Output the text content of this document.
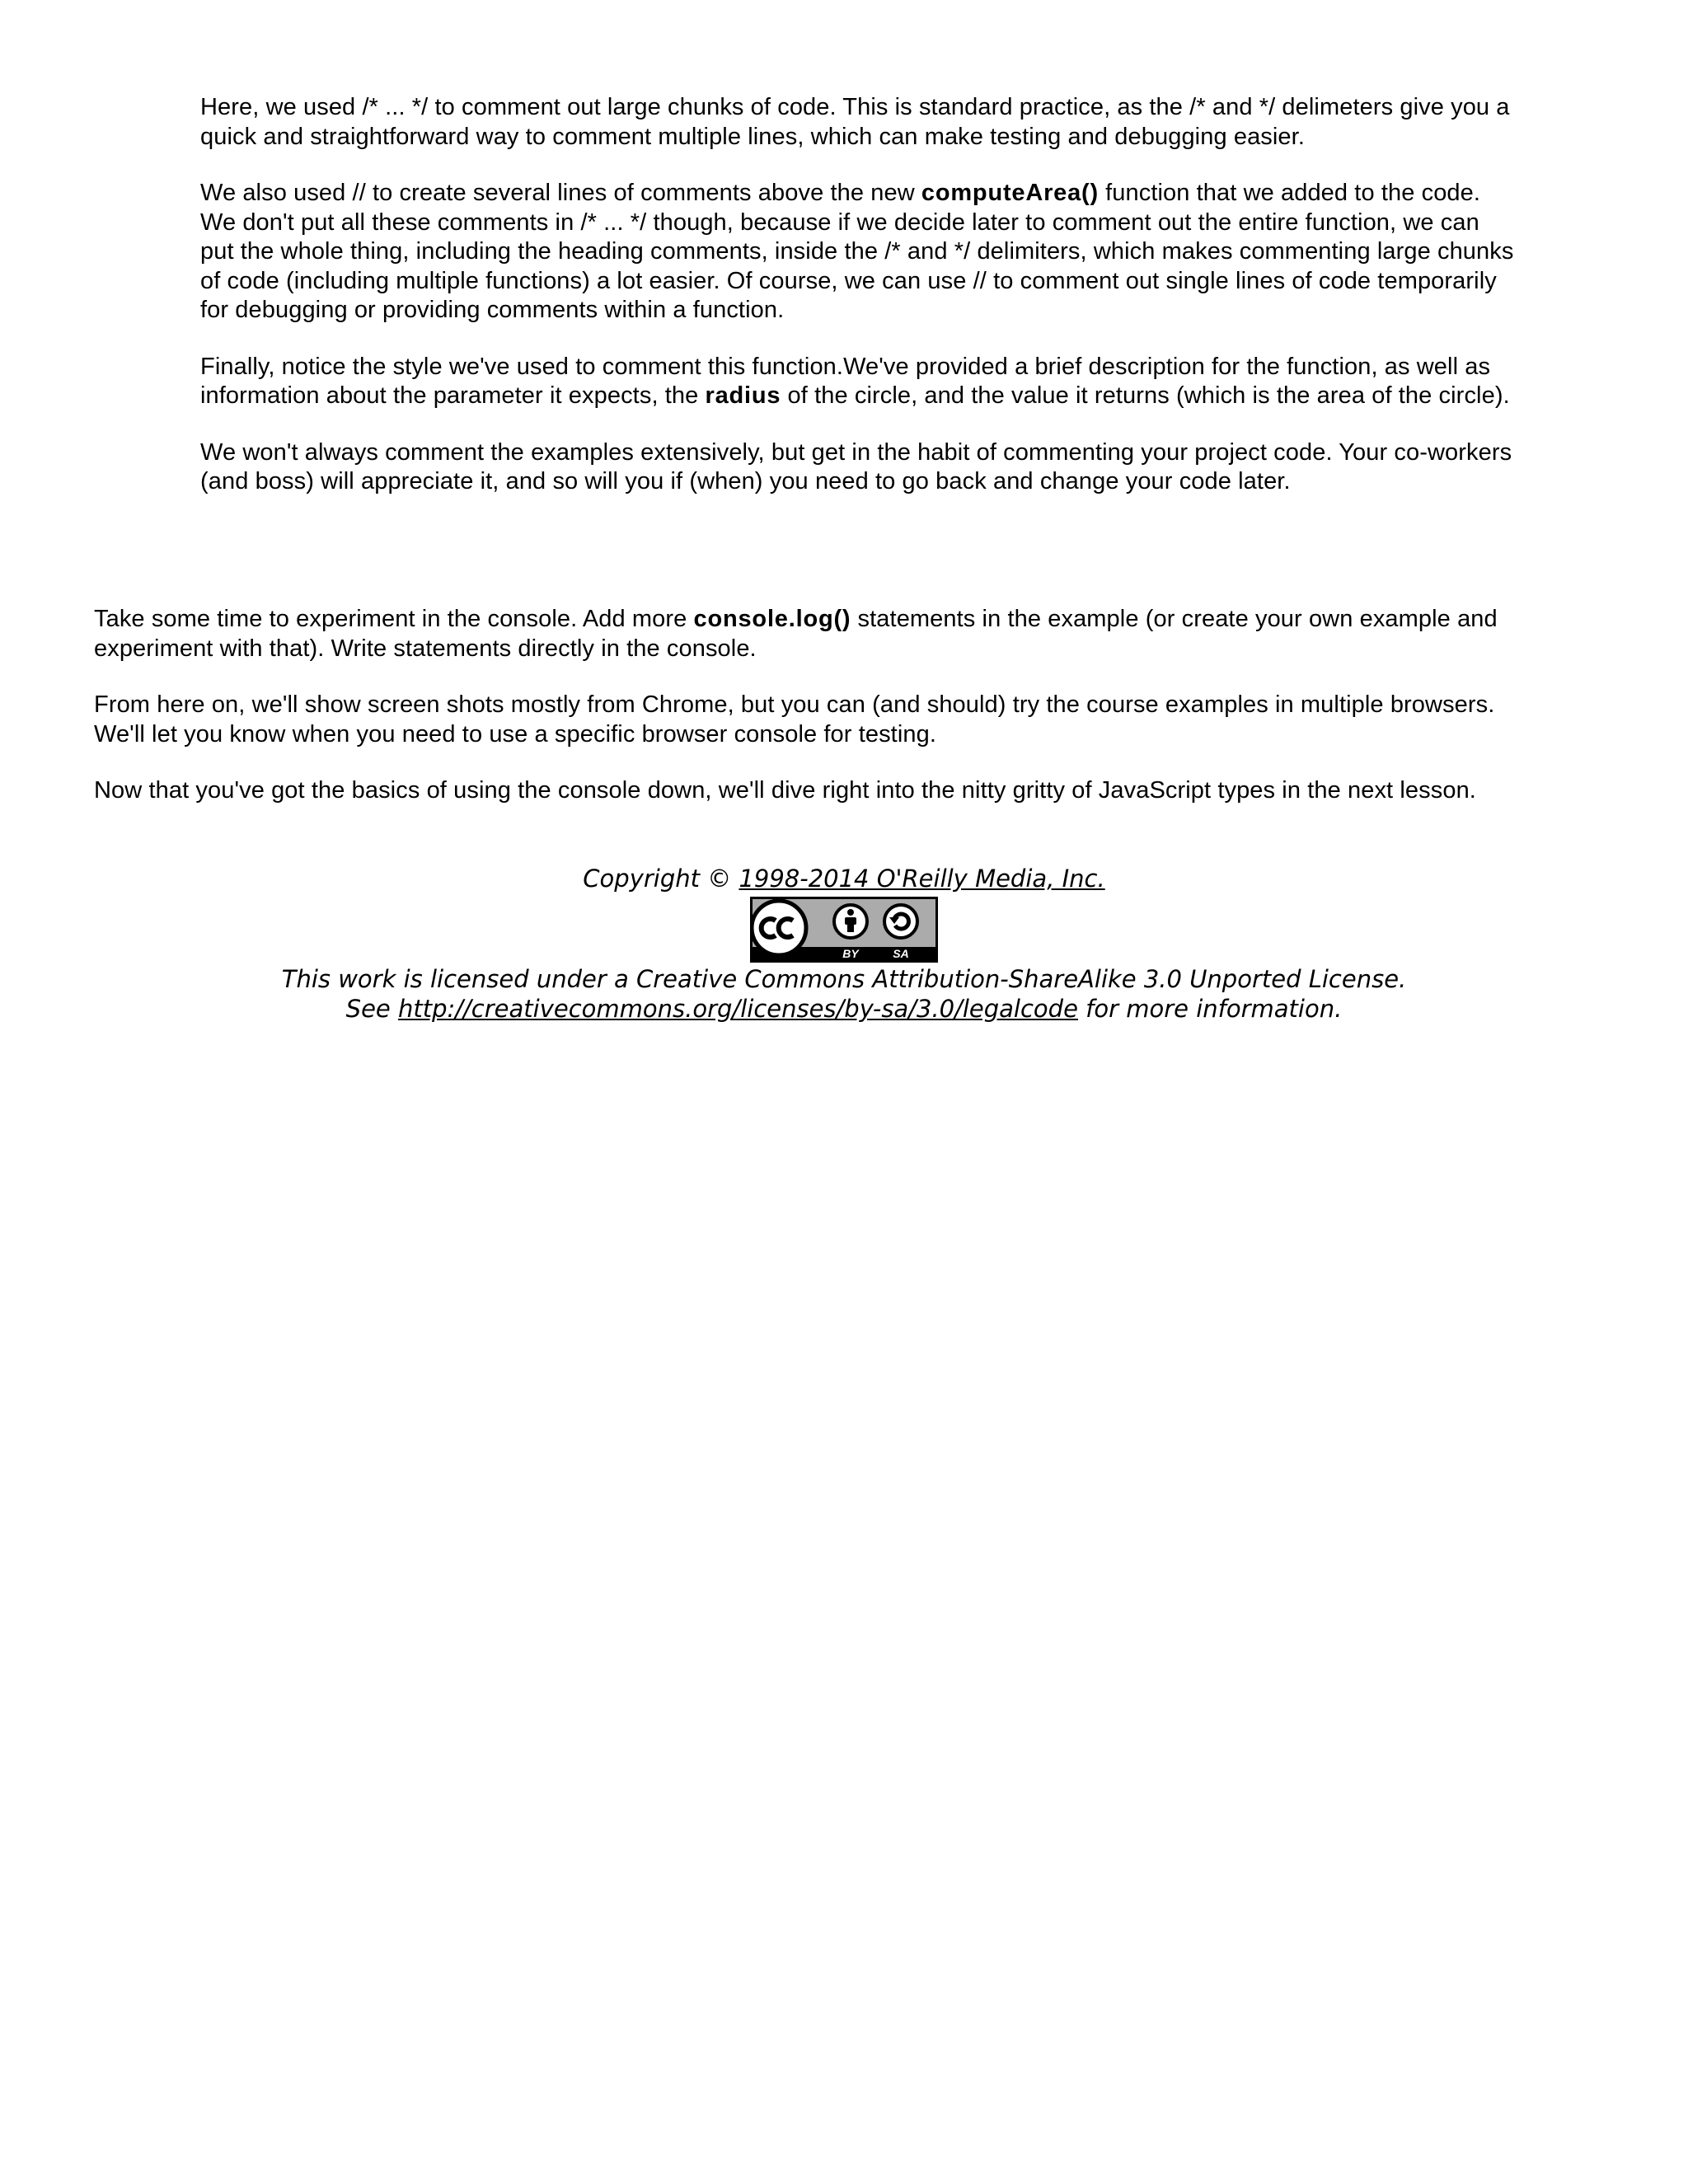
Here, we used /* ... */ to comment out large chunks of code. This is standard practice, as the /* and */ delimeters give you a quick and straightforward way to comment multiple lines, which can make testing and debugging easier.

We also used // to create several lines of comments above the new computeArea() function that we added to the code. We don't put all these comments in /* ... */ though, because if we decide later to comment out the entire function, we can put the whole thing, including the heading comments, inside the /* and */ delimiters, which makes commenting large chunks of code (including multiple functions) a lot easier. Of course, we can use // to comment out single lines of code temporarily for debugging or providing comments within a function.

Finally, notice the style we've used to comment this function.We've provided a brief description for the function, as well as information about the parameter it expects, the radius of the circle, and the value it returns (which is the area of the circle).

We won't always comment the examples extensively, but get in the habit of commenting your project code. Your co-workers (and boss) will appreciate it, and so will you if (when) you need to go back and change your code later.

Take some time to experiment in the console. Add more console.log() statements in the example (or create your own example and experiment with that). Write statements directly in the console.

From here on, we'll show screen shots mostly from Chrome, but you can (and should) try the course examples in multiple browsers. We'll let you know when you need to use a specific browser console for testing.

Now that you've got the basics of using the console down, we'll dive right into the nitty gritty of JavaScript types in the next lesson.

Copyright © 1998-2014 O'Reilly Media, Inc.
BY	SA
This work is licensed under a Creative Commons Attribution-ShareAlike 3.0 Unported License.
See http://creativecommons.org/licenses/by-sa/3.0/legalcode for more information.
